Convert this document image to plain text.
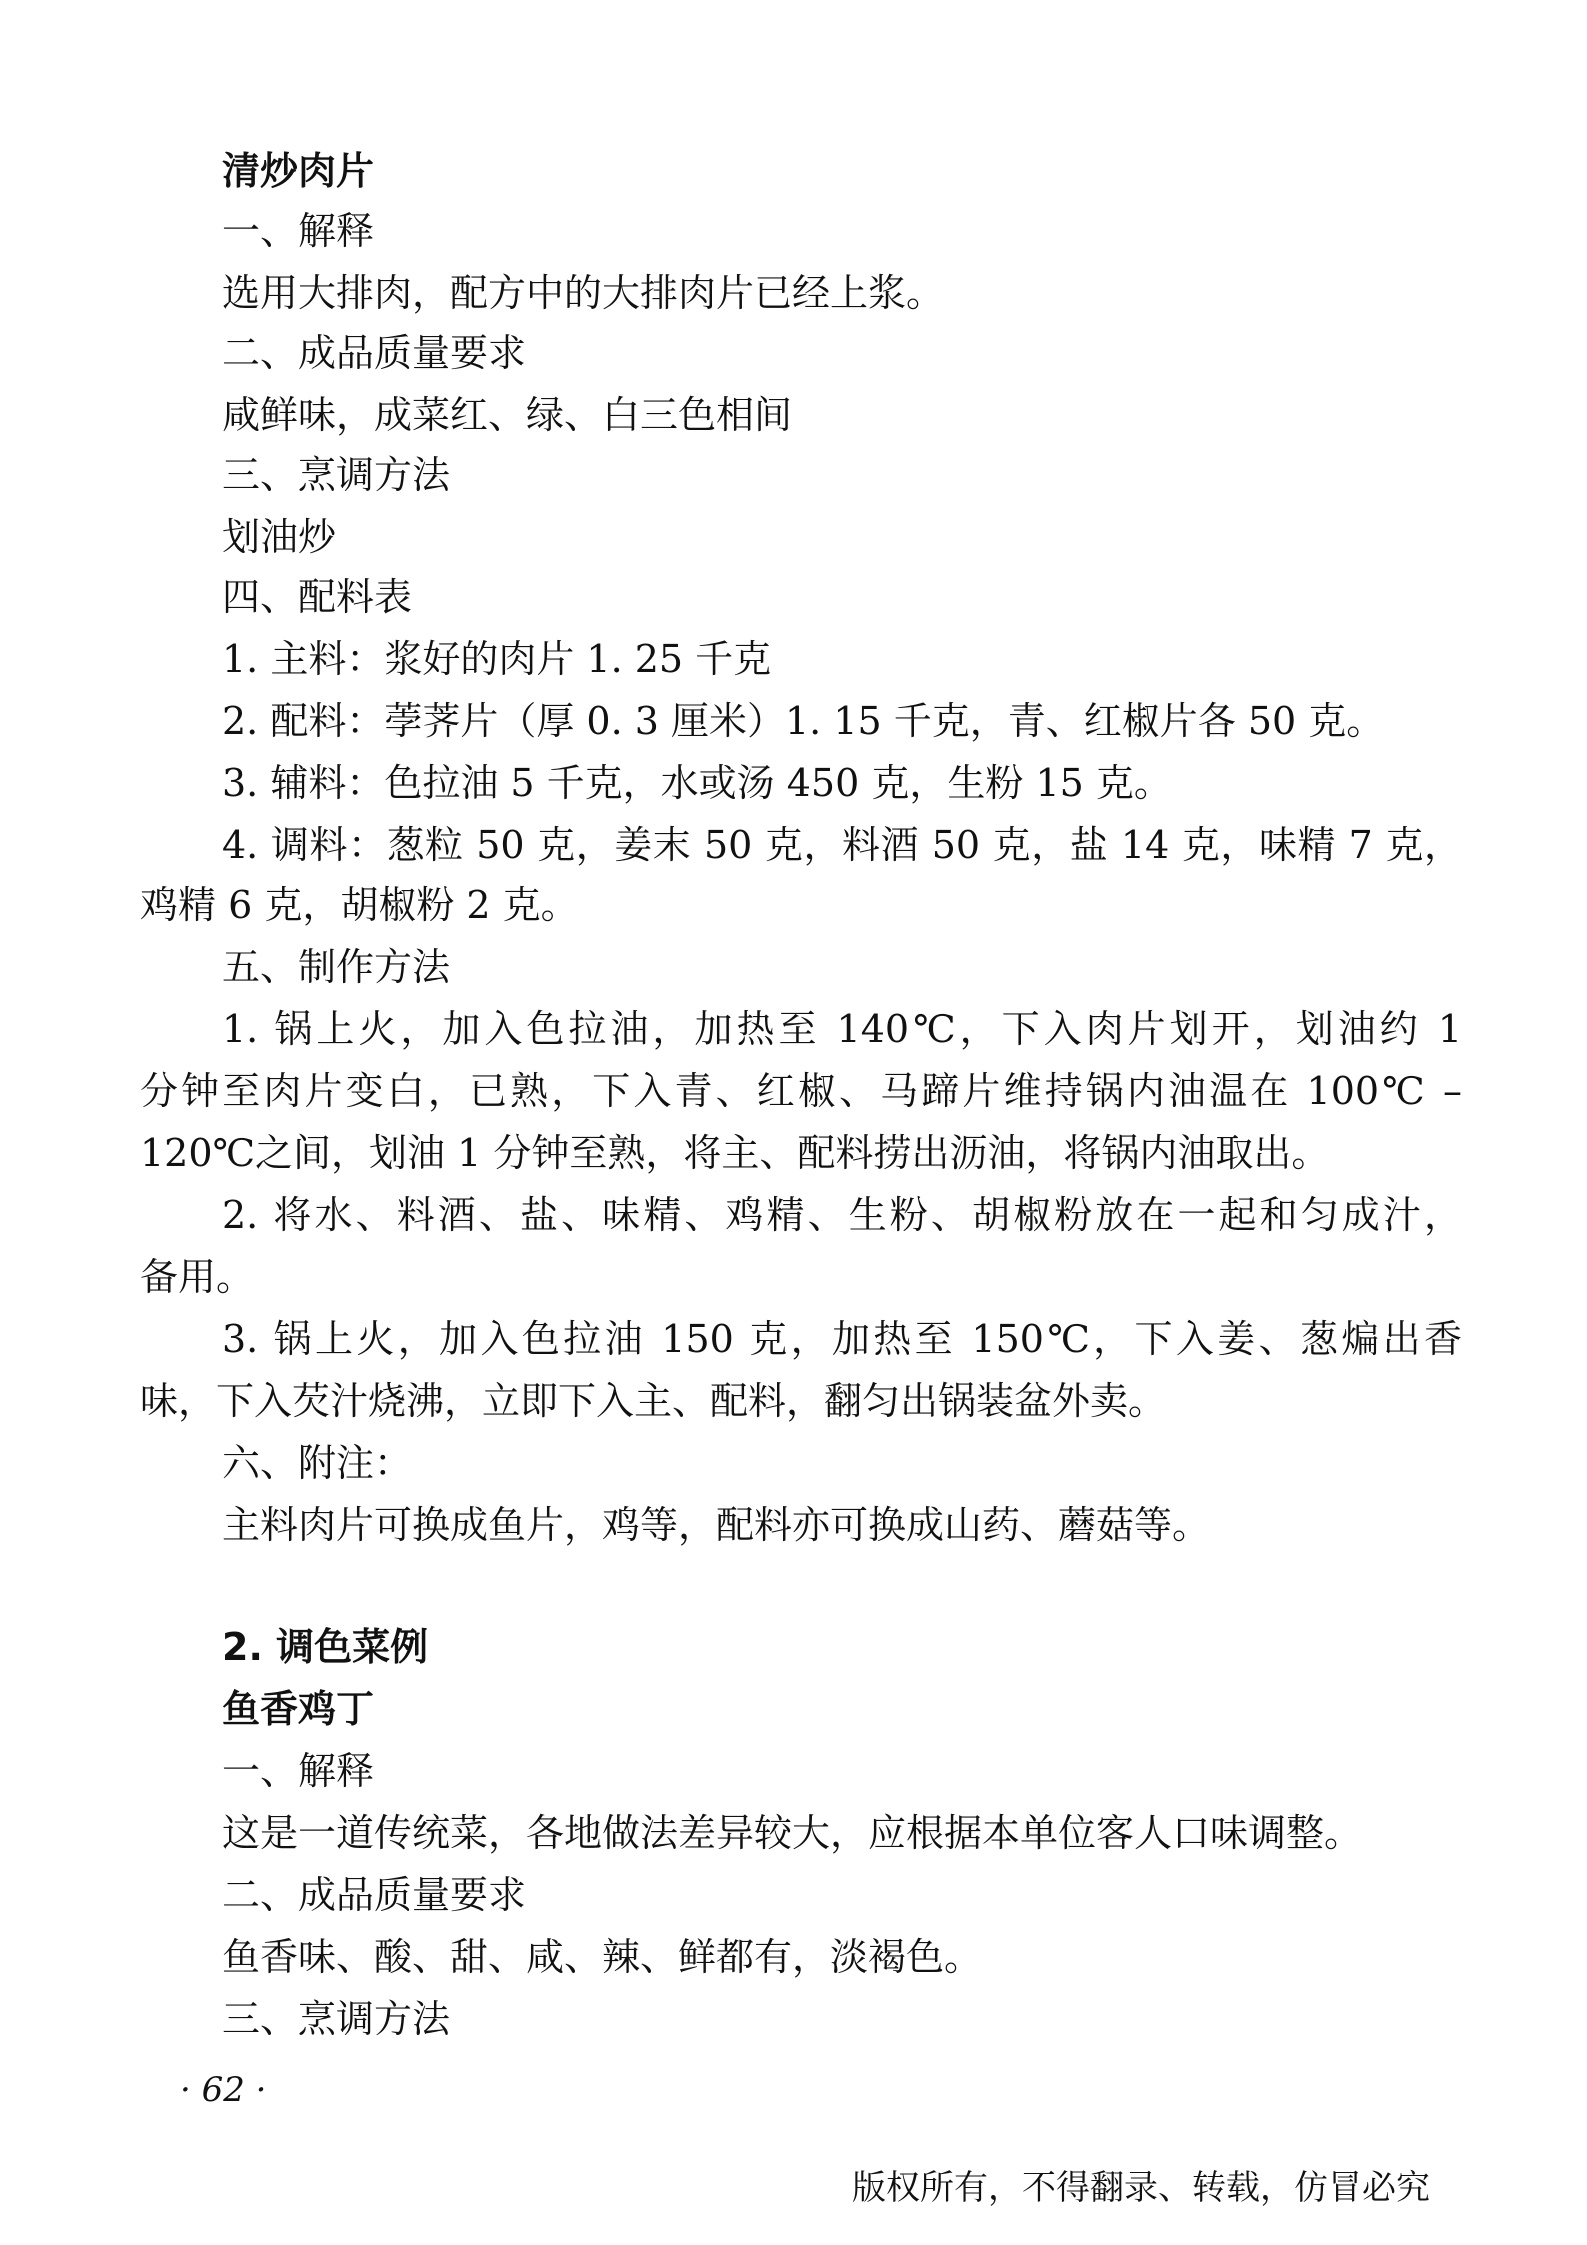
清炒肉片
一、解释
选用大排肉，配方中的大排肉片已经上浆。
二、成品质量要求
咸鲜味，成菜红、绿、白三色相间
三、烹调方法
划油炒
四、配料表
1. 主料：浆好的肉片 1. 25 千克
2. 配料：荸荠片（厚 0. 3 厘米）1. 15 千克，青、红椒片各 50 克。
3. 辅料：色拉油 5 千克，水或汤 450 克，生粉 15 克。
4. 调料：葱粒 50 克，姜末 50 克，料酒 50 克，盐 14 克，味精 7 克，
鸡精 6 克，胡椒粉 2 克。
五、制作方法
1. 锅上火，加入色拉油，加热至 140℃，下入肉片划开，划油约 1
分钟至肉片变白，已熟，下入青、红椒、马蹄片维持锅内油温在 100℃ –
120℃之间，划油 1 分钟至熟，将主、配料捞出沥油，将锅内油取出。
2. 将水、料酒、盐、味精、鸡精、生粉、胡椒粉放在一起和匀成汁，
备用。
3. 锅上火，加入色拉油 150 克，加热至 150℃，下入姜、葱煸出香
味，下入芡汁烧沸，立即下入主、配料，翻匀出锅装盆外卖。
六、附注：
主料肉片可换成鱼片，鸡等，配料亦可换成山药、蘑菇等。
2. 调色菜例
鱼香鸡丁
一、解释
这是一道传统菜，各地做法差异较大，应根据本单位客人口味调整。
二、成品质量要求
鱼香味、酸、甜、咸、辣、鲜都有，淡褐色。
三、烹调方法
· 62 ·
版权所有，不得翻录、转载，仿冒必究
